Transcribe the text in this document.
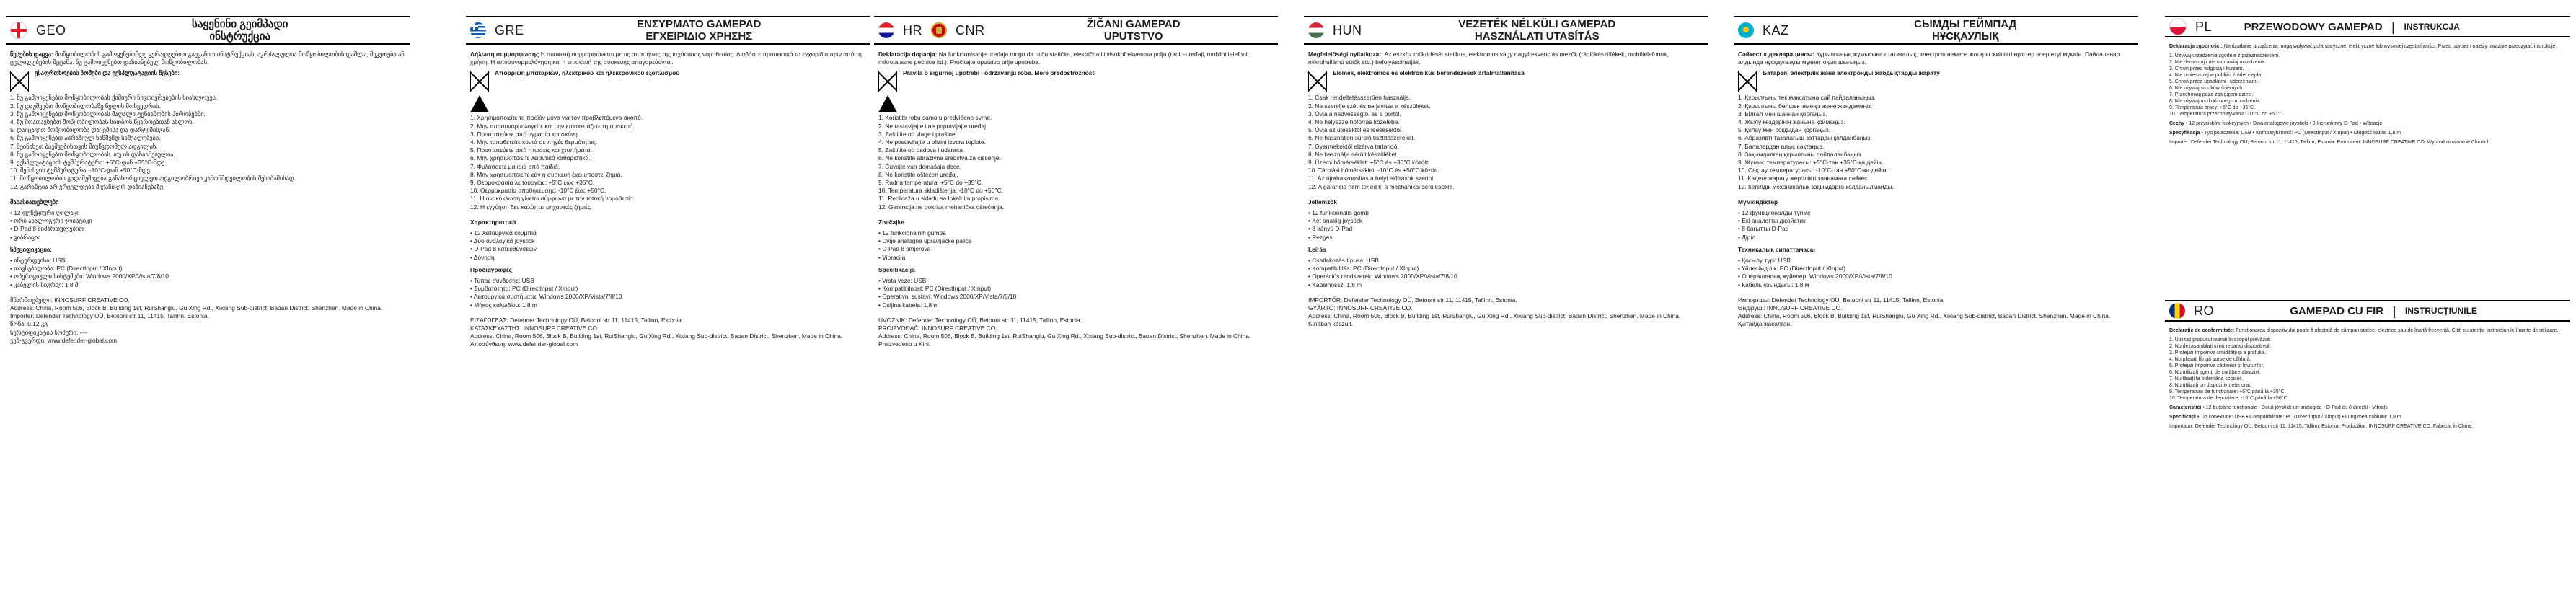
GEO	საყენინი გეიმპადი
ინსტრუქცია

წესების დაცვა: მოწყობილობის გამოყენებამდე ყურადღებით გაეცანით ინსტრუქციას. აკრძალულია მოწყობილობის დაშლა, შეკეთება ან ცვლილებების შეტანა. ნუ გამოიყენებთ დაზიანებულ მოწყობილობას.

უსაფრთხოების ზომები და ექსპლუატაციის წესები:

1. ნუ გამოიყენებთ მოწყობილობას ქიმიური ნივთიერებების სიახლოვეს.
2. ნუ დაუშვებთ მოწყობილობაზე წყლის მოხვედრას.
3. ნუ გამოიყენებთ მოწყობილობას მაღალი ტენიანობის პირობებში.
4. ნუ მოათავსებთ მოწყობილობას სითბოს წყაროებთან ახლოს.
5. დაიცავით მოწყობილობა დაცემისა და დარტყმისგან.
6. ნუ გამოიყენებთ აბრაზიულ საწმენდ საშუალებებს.
7. შეინახეთ ბავშვებისთვის მიუწვდომელ ადგილას.
8. ნუ გამოიყენებთ მოწყობილობას, თუ ის დაზიანებულია.
9. ექსპლუატაციის ტემპერატურა: +5°C-დან +35°C-მდე.
10. შენახვის ტემპერატურა: -10°C-დან +50°C-მდე.
11. მოწყობილობის გადამუშავება განახორციელეთ ადგილობრივი კანონმდებლობის შესაბამისად.
12. გარანტია არ ვრცელდება მექანიკურ დაზიანებაზე.

მახასიათებლები

• 12 ფუნქციური ღილაკი
• ორი ანალოგური ჯოისტიკი
• D-Pad 8 მიმართულებით
• ვიბრაცია

სპეციფიკაცია:

• ინტერფეისი: USB
• თავსებადობა: PC (DirectInput / XInput)
• ოპერაციული სისტემები: Windows 2000/XP/Vista/7/8/10
• კაბელის სიგრძე: 1.8 მ

მწარმოებელი: INNOSURF CREATIVE CO.
Address: China, Room 506, Block B, Building 1st, RuiShanglu, Gu Xing Rd., Xixiang Sub-district, Baoan District, Shenzhen. Made in China.
Importer: Defender Technology OÜ, Betooni str 11, 11415, Tallinn, Estonia.
წონა: 0.12 კგ
სერტიფიკატის ნომერი: ----
ვებ-გვერდი: www.defender-global.com

GRE	ΕΝΣΥΡΜΑΤΟ GAMEPAD
ΕΓΧΕΙΡΙΔΙΟ ΧΡΗΣΗΣ

Δήλωση συμμόρφωσης Η συσκευή συμμορφώνεται με τις απαιτήσεις της ισχύουσας νομοθεσίας. Διαβάστε προσεκτικά το εγχειρίδιο πριν από τη χρήση. Η αποσυναρμολόγηση και η επισκευή της συσκευής απαγορεύονται.

Απόρριψη μπαταριών, ηλεκτρικού και ηλεκτρονικού εξοπλισμού

1. Χρησιμοποιείτε το προϊόν μόνο για τον προβλεπόμενο σκοπό.
2. Μην αποσυναρμολογείτε και μην επισκευάζετε τη συσκευή.
3. Προστατεύετε από υγρασία και σκόνη.
4. Μην τοποθετείτε κοντά σε πηγές θερμότητας.
5. Προστατεύετε από πτώσεις και χτυπήματα.
6. Μην χρησιμοποιείτε λειαντικά καθαριστικά.
7. Φυλάσσετε μακριά από παιδιά.
8. Μην χρησιμοποιείτε εάν η συσκευή έχει υποστεί ζημιά.
9. Θερμοκρασία λειτουργίας: +5°C έως +35°C.
10. Θερμοκρασία αποθήκευσης: -10°C έως +50°C.
11. Η ανακύκλωση γίνεται σύμφωνα με την τοπική νομοθεσία.
12. Η εγγύηση δεν καλύπτει μηχανικές ζημιές.

Χαρακτηριστικά

• 12 λειτουργικά κουμπιά
• Δύο αναλογικά joystick
• D-Pad 8 κατευθύνσεων
• Δόνηση

Προδιαγραφές

• Τύπος σύνδεσης: USB
• Συμβατότητα: PC (DirectInput / XInput)
• Λειτουργικά συστήματα: Windows 2000/XP/Vista/7/8/10
• Μήκος καλωδίου: 1.8 m

ΕΙΣΑΓΩΓΕΑΣ: Defender Technology OÜ, Betooni str 11, 11415, Tallinn, Estonia.
ΚΑΤΑΣΚΕΥΑΣΤΗΣ: INNOSURF CREATIVE CO.
Address: China, Room 506, Block B, Building 1st, RuiShanglu, Gu Xing Rd., Xixiang Sub-district, Baoan District, Shenzhen. Made in China.
Αποσύνθεση: www.defender-global.com

HR	CNR	ŽIČANI GAMEPAD
UPUTSTVO

Deklaracija dopanja: Na funkcionisanje uređaja mogu da utiču statička, električna ili visokofrekventna polja (radio-uređaji, mobilni telefoni, mikrotalasne pećnice itd.). Pročitajte uputstvo prije upotrebe.

Pravila o sigurnoj upotrebi i održavanju robe. Mere predostrožnosti

1. Koristite robu samo u predviđene svrhe.
2. Ne rastavljajte i ne popravljajte uređaj.
3. Zaštitite od vlage i prašine.
4. Ne postavljajte u blizini izvora toplote.
5. Zaštitite od padova i udaraca.
6. Ne koristite abrazivna sredstva za čišćenje.
7. Čuvajte van domašaja dece.
8. Ne koristite oštećen uređaj.
9. Radna temperatura: +5°C do +35°C.
10. Temperatura skladištenja: -10°C do +50°C.
11. Reciklaža u skladu sa lokalnim propisima.
12. Garancija ne pokriva mehanička oštećenja.

Značajke

• 12 funkcionalnih gumba
• Dvije analogne upravljačke palice
• D-Pad 8 smjerova
• Vibracija

Specifikacija

• Vrsta veze: USB
• Kompatibilnost: PC (DirectInput / XInput)
• Operativni sustavi: Windows 2000/XP/Vista/7/8/10
• Duljina kabela: 1,8 m

UVOZNIK: Defender Technology OÜ, Betooni str 11, 11415, Tallinn, Estonia.
PROIZVOĐAČ: INNOSURF CREATIVE CO.
Address: China, Room 506, Block B, Building 1st, RuiShanglu, Gu Xing Rd., Xixiang Sub-district, Baoan District, Shenzhen. Made in China.
Proizvedeno u Kini.

HUN	VEZETÉK NÉLKÜLI GAMEPAD
HASZNÁLATI UTASÍTÁS

Megfelelőségi nyilatkozat: Az eszköz működését statikus, elektromos vagy nagyfrekvenciás mezők (rádiókészülékek, mobiltelefonok, mikrohullámú sütők stb.) befolyásolhatják.

Elemek, elektromos és elektronikus berendezések ártalmatlanítása

1. Csak rendeltetésszerűen használja.
2. Ne szerelje szét és ne javítsa a készüléket.
3. Óvja a nedvességtől és a portól.
4. Ne helyezze hőforrás közelébe.
5. Óvja az ütésektől és leesésektől.
6. Ne használjon súroló tisztítószereket.
7. Gyermekektől elzárva tartandó.
8. Ne használja sérült készüléket.
9. Üzemi hőmérséklet: +5°C és +35°C között.
10. Tárolási hőmérséklet: -10°C és +50°C között.
11. Az újrahasznosítás a helyi előírások szerint.
12. A garancia nem terjed ki a mechanikai sérülésekre.

Jellemzők

• 12 funkcionális gomb
• Két analóg joystick
• 8 irányú D-Pad
• Rezgés

Leírás

• Csatlakozás típusa: USB
• Kompatibilitás: PC (DirectInput / XInput)
• Operációs rendszerek: Windows 2000/XP/Vista/7/8/10
• Kábelhossz: 1,8 m

IMPORTŐR: Defender Technology OÜ, Betooni str 11, 11415, Tallinn, Estonia.
GYÁRTÓ: INNOSURF CREATIVE CO.
Address: China, Room 506, Block B, Building 1st, RuiShanglu, Gu Xing Rd., Xixiang Sub-district, Baoan District, Shenzhen. Made in China.
Kínában készült.

KAZ	СЫМДЫ ГЕЙМПАД
НҰСҚАУЛЫҚ

Сәйкестік декларациясы: Құрылғының жұмысына статикалық, электрлік немесе жоғары жиілікті өрістер әсер етуі мүмкін. Пайдаланар алдында нұсқаулықты мұқият оқып шығыңыз.

Батарея, электрлік және электронды жабдықтарды жарату

1. Құрылғыны тек мақсатына сай пайдаланыңыз.
2. Құрылғыны бөлшектемеңіз және жөндемеңіз.
3. Ылғал мен шаңнан қорғаңыз.
4. Жылу көздерінің жанына қоймаңыз.
5. Құлау мен соққыдан қорғаңыз.
6. Абразивті тазалағыш заттарды қолданбаңыз.
7. Балалардан алыс сақтаңыз.
8. Зақымдалған құрылғыны пайдаланбаңыз.
9. Жұмыс температурасы: +5°C-тан +35°C-қа дейін.
10. Сақтау температурасы: -10°C-тан +50°C-қа дейін.
11. Кәдеге жарату жергілікті заңнамаға сәйкес.
12. Кепілдік механикалық зақымдарға қолданылмайды.

Мүмкіндіктер

• 12 функционалды түйме
• Екі аналогты джойстик
• 8 бағытты D-Pad
• Діріл

Техникалық сипаттамасы

• Қосылу түрі: USB
• Үйлесімділік: PC (DirectInput / XInput)
• Операциялық жүйелер: Windows 2000/XP/Vista/7/8/10
• Кабель ұзындығы: 1,8 м

Импортшы: Defender Technology OÜ, Betooni str 11, 11415, Tallinn, Estonia.
Өндіруші: INNOSURF CREATIVE CO.
Address: China, Room 506, Block B, Building 1st, RuiShanglu, Gu Xing Rd., Xixiang Sub-district, Baoan District, Shenzhen. Made in China.
Қытайда жасалған.

PL	PRZEWODOWY GAMEPAD | INSTRUKCJA

Deklaracja zgodności: Na działanie urządzenia mogą wpływać pola statyczne, elektryczne lub wysokiej częstotliwości. Przed użyciem należy uważnie przeczytać instrukcję.

1. Używaj urządzenia zgodnie z przeznaczeniem.
2. Nie demontuj i nie naprawiaj urządzenia.
3. Chroń przed wilgocią i kurzem.
4. Nie umieszczaj w pobliżu źródeł ciepła.
5. Chroń przed upadkami i uderzeniami.
6. Nie używaj środków ściernych.
7. Przechowuj poza zasięgiem dzieci.
8. Nie używaj uszkodzonego urządzenia.
9. Temperatura pracy: +5°C do +35°C.
10. Temperatura przechowywania: -10°C do +50°C.

Cechy • 12 przycisków funkcyjnych • Dwa analogowe joysticki • 8-kierunkowy D-Pad • Wibracje

Specyfikacja • Typ połączenia: USB • Kompatybilność: PC (DirectInput / XInput) • Długość kabla: 1,8 m

Importer: Defender Technology OÜ, Betooni str 11, 11415, Tallinn, Estonia. Producent: INNOSURF CREATIVE CO. Wyprodukowano w Chinach.

RO	GAMEPAD CU FIR | INSTRUCȚIUNILE

Declarație de conformitate: Funcționarea dispozitivului poate fi afectată de câmpuri statice, electrice sau de înaltă frecvență. Citiți cu atenție instrucțiunile înainte de utilizare.

1. Utilizați produsul numai în scopul prevăzut.
2. Nu dezasamblați și nu reparați dispozitivul.
3. Protejați împotriva umidității și a prafului.
4. Nu plasați lângă surse de căldură.
5. Protejați împotriva căderilor și loviturilor.
6. Nu utilizați agenți de curățare abrazivi.
7. Nu lăsați la îndemâna copiilor.
8. Nu utilizați un dispozitiv deteriorat.
9. Temperatura de funcționare: +5°C până la +35°C.
10. Temperatura de depozitare: -10°C până la +50°C.

Caracteristici • 12 butoane funcționale • Două joystick-uri analogice • D-Pad cu 8 direcții • Vibrații

Specificații • Tip conexiune: USB • Compatibilitate: PC (DirectInput / XInput) • Lungimea cablului: 1,8 m

Importator: Defender Technology OÜ, Betooni str 11, 11415, Tallinn, Estonia. Producător: INNOSURF CREATIVE CO. Fabricat în China.
